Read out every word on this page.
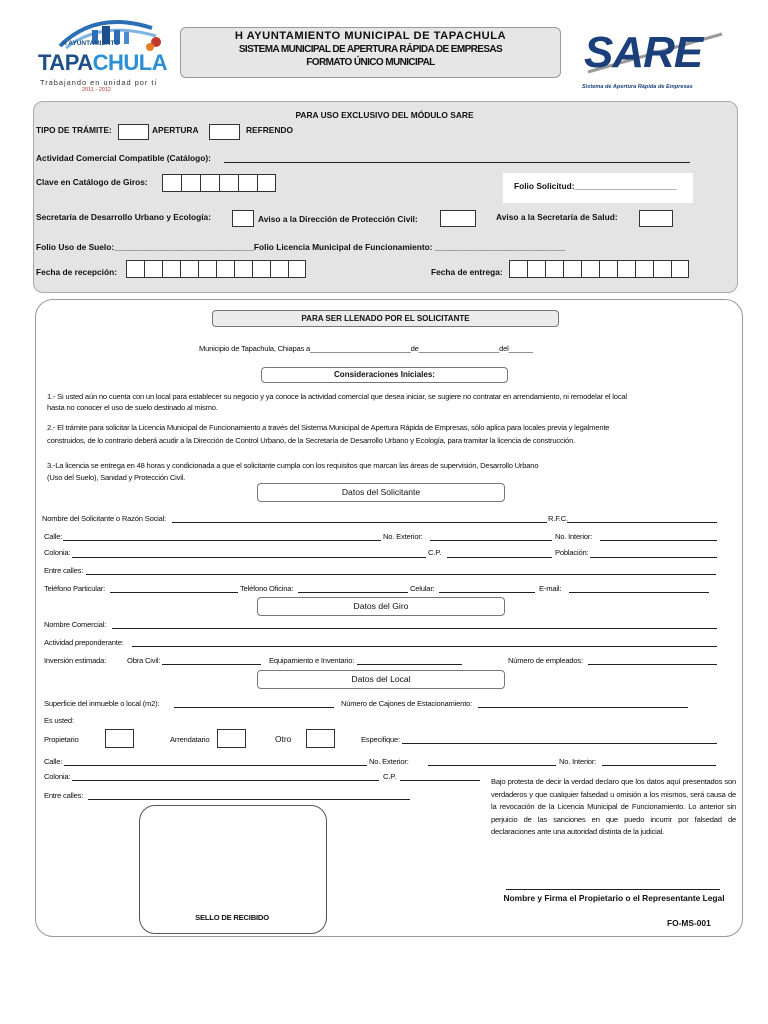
H AYUNTAMIENTO
TAPACHULA
Trabajando en unidad por ti
2011 - 2012
H AYUNTAMIENTO MUNICIPAL DE TAPACHULA
SISTEMA MUNICIPAL DE APERTURA RÁPIDA DE EMPRESAS
FORMATO ÚNICO MUNICIPAL	SARE
Sistema de Apertura Rápida de Empresas
PARA USO EXCLUSIVO DEL MÓDULO SARE
TIPO DE TRÁMITE:	APERTURA	REFRENDO
Actividad Comercial Compatible (Catálogo):
Clave en Catálogo de Giros:	Folio Solicitud:______________________
Secretaría de Desarrollo Urbano y Ecología:	Aviso a la Dirección de Protección Civil:	Aviso a la Secretaría de Salud:
Folio Uso de Suelo:______________________________Folio Licencia Municipal de Funcionamiento: ____________________________
Fecha de recepción:	Fecha de entrega:
PARA SER LLENADO POR EL SOLICITANTE
Municipio de Tapachula, Chiapas a_________________________de____________________del______
Consideraciones Iniciales:
1.- Si usted aún no cuenta con un local para establecer su negocio y ya conoce la actividad comercial que desea iniciar, se sugiere no contratar en arrendamiento, ni remodelar el local
hasta no conocer el uso de suelo destinado al mismo.
2.- El trámite para solicitar la Licencia Municipal de Funcionamiento a través del Sistema Municipal de Apertura Rápida de Empresas, sólo aplica para locales previa y legalmente
construidos, de lo contrario deberá acudir a la Dirección de Control Urbano, de la Secretaría de Desarrollo Urbano y Ecología, para tramitar la licencia de construcción.
3.-La licencia se entrega en 48 horas y condicionada a que el solicitante cumpla con los requisitos que marcan las áreas de supervisión, Desarrollo Urbano
(Uso del Suelo), Sanidad y Protección Civil.
Datos del Solicitante
Nombre del Solicitante o Razón Social:	R.F.C.
Calle:	No. Exterior:	No. Interior:
Colonia:	C.P.	Población:
Entre calles:
Teléfono Particular:	Teléfono Oficina:	Celular:	E-mail:
Datos del Giro
Nombre Comercial:
Actividad preponderante:
Inversión estimada:	Obra Civil:	Equipamiento e Inventario:	Número de empleados:
Datos del Local
Superficie del inmueble o local (m2):	Número de Cajones de Estacionamiento:
Es usted:
Propietario	Arrendatario	Otro	Especifique:
Calle:	No. Exterior:	No. Interior:
Colonia:	C.P.
Entre calles:
Bajo protesta de decir la verdad declaro que los datos aquí presentados son verdaderos y que cualquier falsedad u omisión a los mismos, será causa de la revocación de la Licencia Municipal de Funcionamiento. Lo anterior sin perjuicio de las sanciones en que puedo incurrir por falsedad de declaraciones ante una autoridad distinta de la judicial.
SELLO DE RECIBIDO
Nombre y Firma el Propietario o el Representante Legal
FO-MS-001
